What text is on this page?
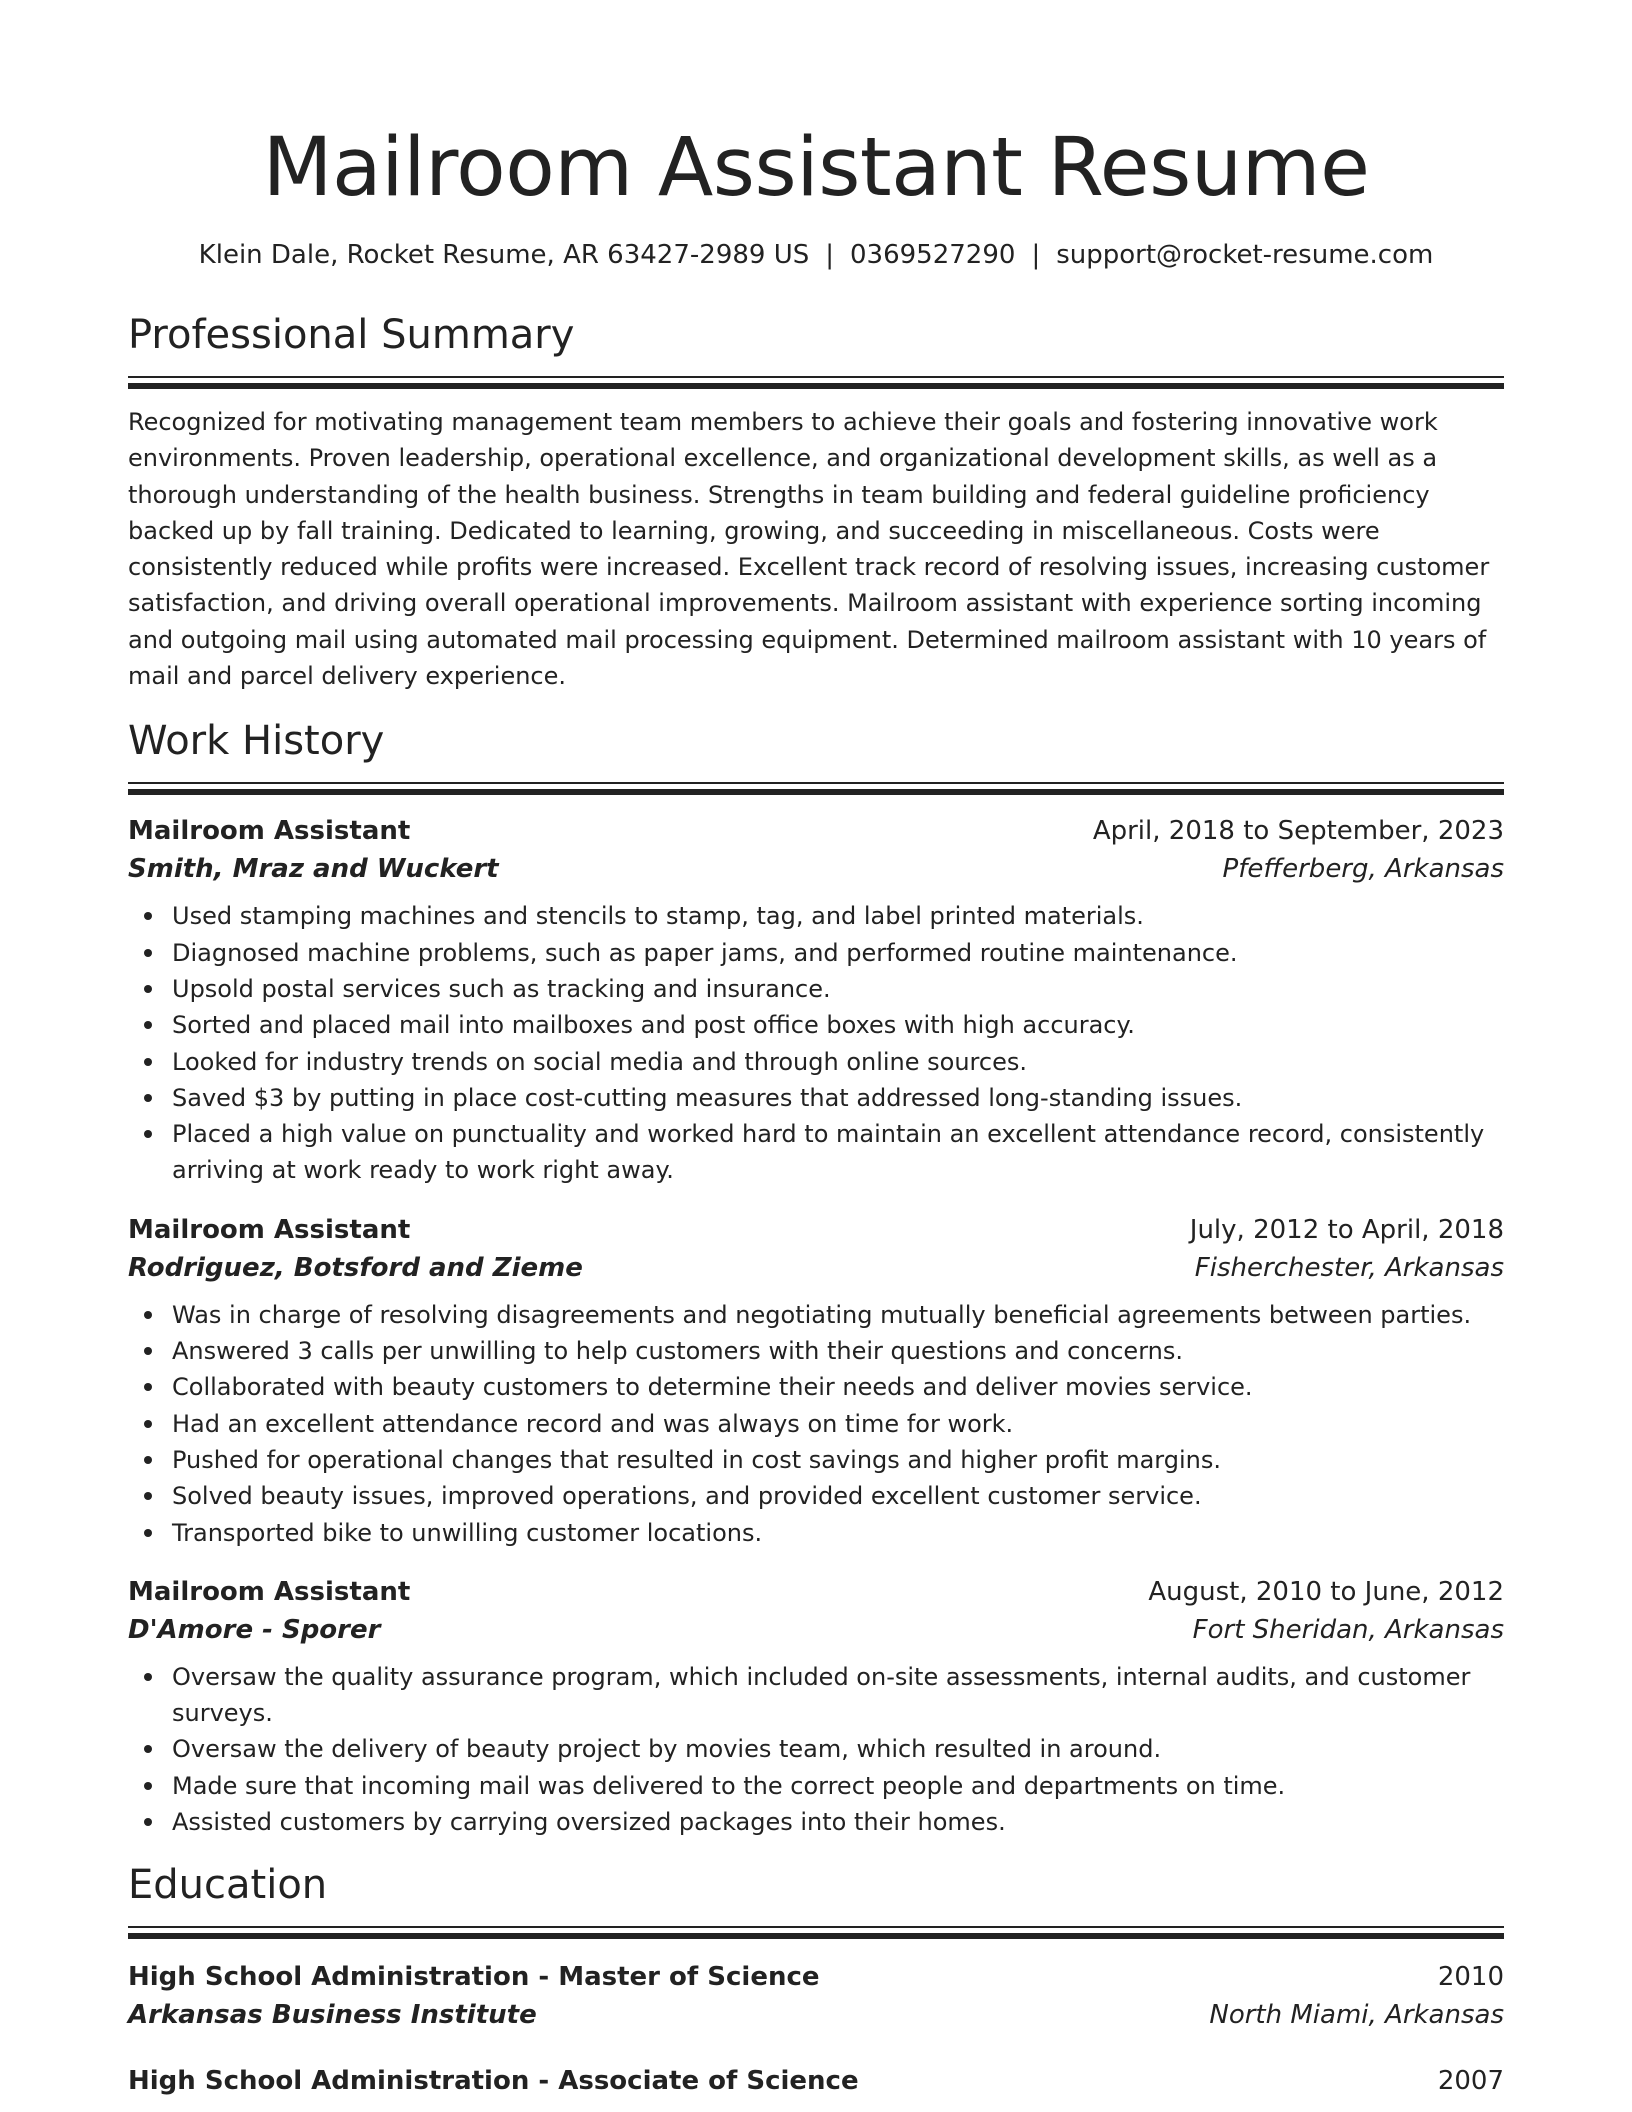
Mailroom Assistant Resume
Klein Dale, Rocket Resume, AR 63427-2989 US | 0369527290 | support@rocket-resume.com
Professional Summary

Recognized for motivating management team members to achieve their goals and fostering innovative work environments. Proven leadership, operational excellence, and organizational development skills, as well as a thorough understanding of the health business. Strengths in team building and federal guideline proficiency backed up by fall training. Dedicated to learning, growing, and succeeding in miscellaneous. Costs were consistently reduced while profits were increased. Excellent track record of resolving issues, increasing customer satisfaction, and driving overall operational improvements. Mailroom assistant with experience sorting incoming and outgoing mail using automated mail processing equipment. Determined mailroom assistant with 10 years of mail and parcel delivery experience.

Work History
Mailroom Assistant	April, 2018 to September, 2023
Smith, Mraz and Wuckert	Pfefferberg, Arkansas
Used stamping machines and stencils to stamp, tag, and label printed materials.
Diagnosed machine problems, such as paper jams, and performed routine maintenance.
Upsold postal services such as tracking and insurance.
Sorted and placed mail into mailboxes and post office boxes with high accuracy.
Looked for industry trends on social media and through online sources.
Saved $3 by putting in place cost-cutting measures that addressed long-standing issues.
Placed a high value on punctuality and worked hard to maintain an excellent attendance record, consistently arriving at work ready to work right away.
Mailroom Assistant	July, 2012 to April, 2018
Rodriguez, Botsford and Zieme	Fisherchester, Arkansas
Was in charge of resolving disagreements and negotiating mutually beneficial agreements between parties.
Answered 3 calls per unwilling to help customers with their questions and concerns.
Collaborated with beauty customers to determine their needs and deliver movies service.
Had an excellent attendance record and was always on time for work.
Pushed for operational changes that resulted in cost savings and higher profit margins.
Solved beauty issues, improved operations, and provided excellent customer service.
Transported bike to unwilling customer locations.
Mailroom Assistant	August, 2010 to June, 2012
D'Amore - Sporer	Fort Sheridan, Arkansas
Oversaw the quality assurance program, which included on-site assessments, internal audits, and customer surveys.
Oversaw the delivery of beauty project by movies team, which resulted in around.
Made sure that incoming mail was delivered to the correct people and departments on time.
Assisted customers by carrying oversized packages into their homes.
Education
High School Administration - Master of Science	2010
Arkansas Business Institute	North Miami, Arkansas
High School Administration - Associate of Science	2007
